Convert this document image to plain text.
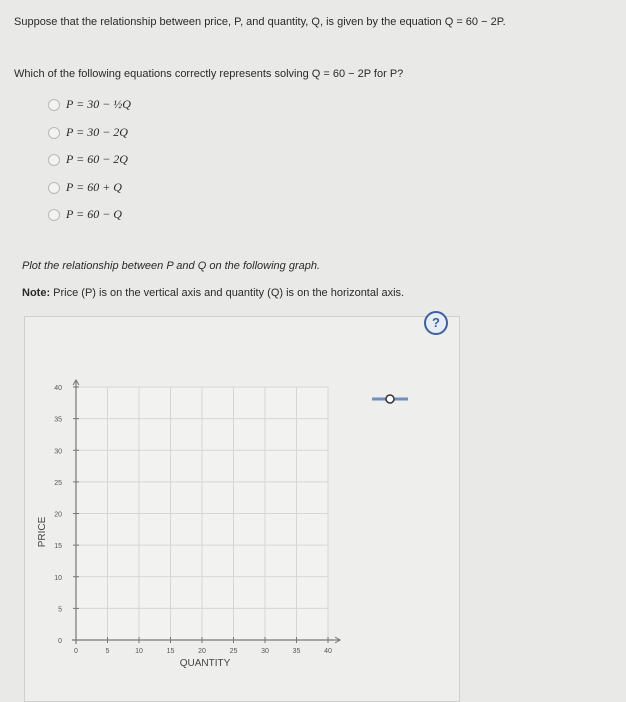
Suppose that the relationship between price, P, and quantity, Q, is given by the equation Q = 60 − 2P.
Which of the following equations correctly represents solving Q = 60 − 2P for P?
P = 30 − ½Q
P = 30 − 2Q
P = 60 − 2Q
P = 60 + Q
P = 60 − Q
Plot the relationship between P and Q on the following graph.
Note: Price (P) is on the vertical axis and quantity (Q) is on the horizontal axis.
?
0	5	10	15	20	25	30	35	40
0
5
10
15
20
25
30
35
40
PRICE
QUANTITY
